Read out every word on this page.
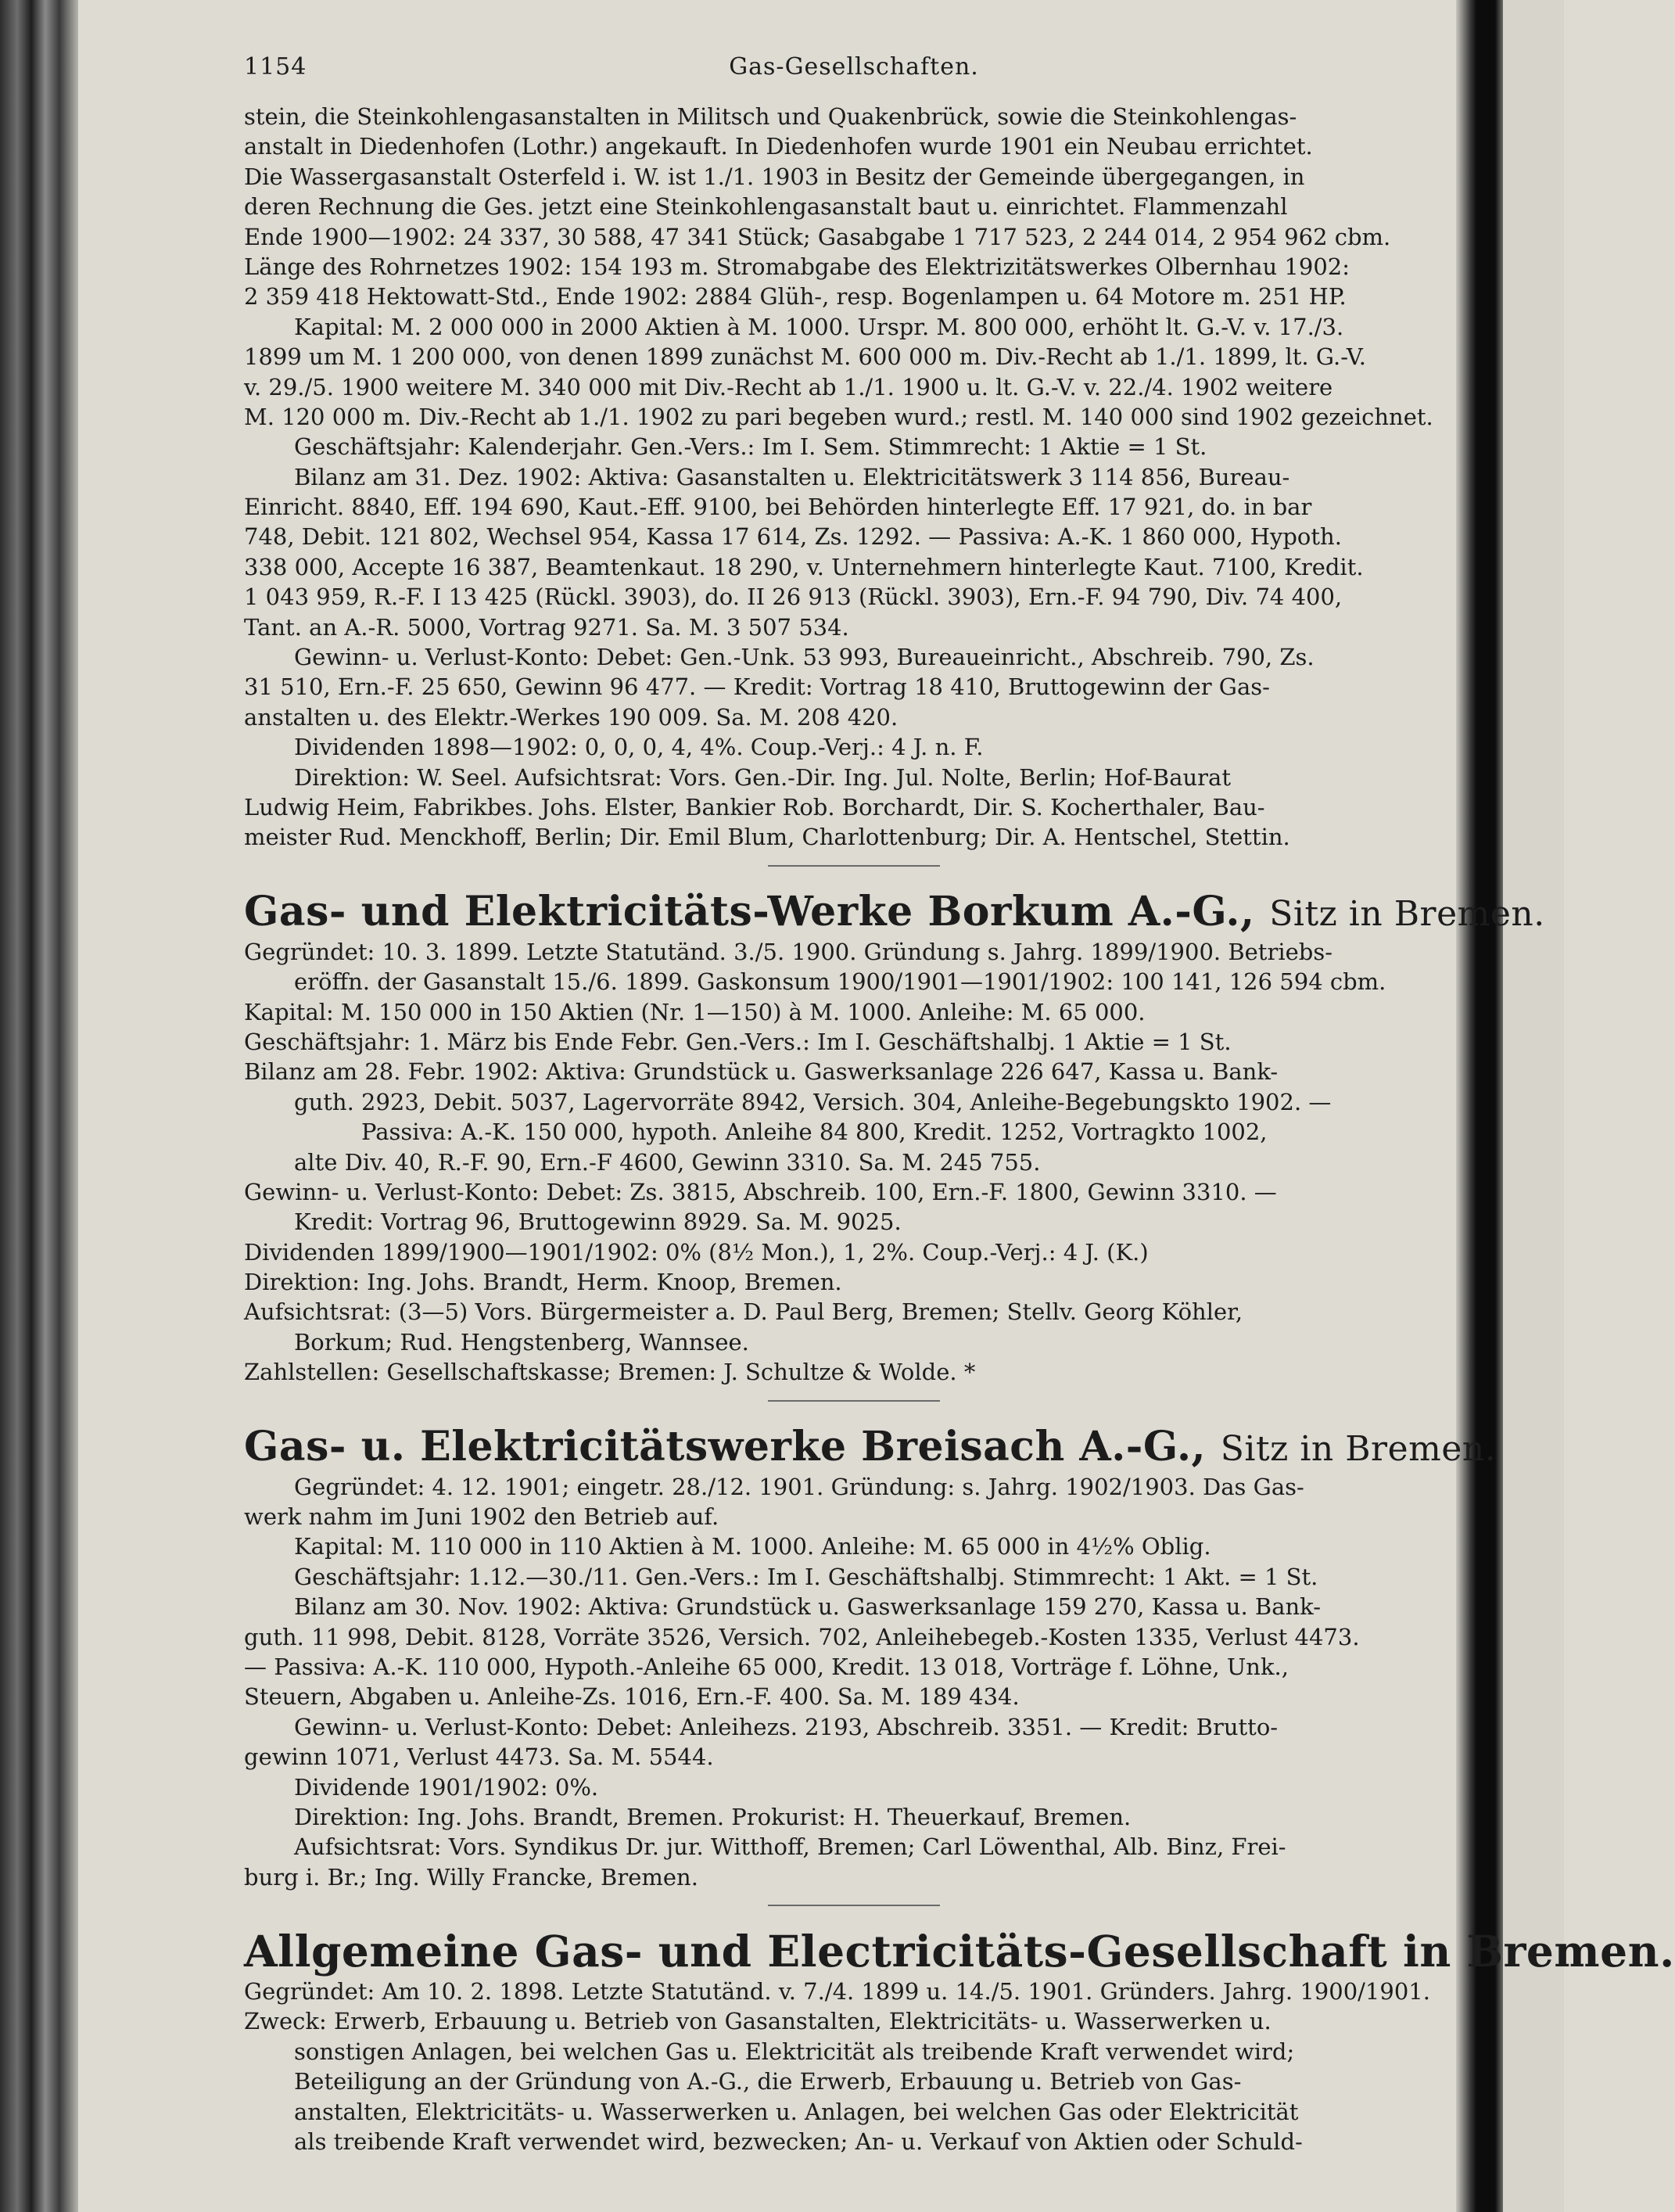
1154	Gas-Gesellschaften.
stein, die Steinkohlengasanstalten in Militsch und Quakenbrück, sowie die Steinkohlengas-
anstalt in Diedenhofen (Lothr.) angekauft. In Diedenhofen wurde 1901 ein Neubau errichtet.
Die Wassergasanstalt Osterfeld i. W. ist 1./1. 1903 in Besitz der Gemeinde übergegangen, in
deren Rechnung die Ges. jetzt eine Steinkohlengasanstalt baut u. einrichtet. Flammenzahl
Ende 1900—1902: 24 337, 30 588, 47 341 Stück; Gasabgabe 1 717 523, 2 244 014, 2 954 962 cbm.
Länge des Rohrnetzes 1902: 154 193 m. Stromabgabe des Elektrizitätswerkes Olbernhau 1902:
2 359 418 Hektowatt-Std., Ende 1902: 2884 Glüh-, resp. Bogenlampen u. 64 Motore m. 251 HP.
Kapital: M. 2 000 000 in 2000 Aktien à M. 1000. Urspr. M. 800 000, erhöht lt. G.-V. v. 17./3.
1899 um M. 1 200 000, von denen 1899 zunächst M. 600 000 m. Div.-Recht ab 1./1. 1899, lt. G.-V.
v. 29./5. 1900 weitere M. 340 000 mit Div.-Recht ab 1./1. 1900 u. lt. G.-V. v. 22./4. 1902 weitere
M. 120 000 m. Div.-Recht ab 1./1. 1902 zu pari begeben wurd.; restl. M. 140 000 sind 1902 gezeichnet.
Geschäftsjahr: Kalenderjahr. Gen.-Vers.: Im I. Sem. Stimmrecht: 1 Aktie = 1 St.
Bilanz am 31. Dez. 1902: Aktiva: Gasanstalten u. Elektricitätswerk 3 114 856, Bureau-
Einricht. 8840, Eff. 194 690, Kaut.-Eff. 9100, bei Behörden hinterlegte Eff. 17 921, do. in bar
748, Debit. 121 802, Wechsel 954, Kassa 17 614, Zs. 1292. — Passiva: A.-K. 1 860 000, Hypoth.
338 000, Accepte 16 387, Beamtenkaut. 18 290, v. Unternehmern hinterlegte Kaut. 7100, Kredit.
1 043 959, R.-F. I 13 425 (Rückl. 3903), do. II 26 913 (Rückl. 3903), Ern.-F. 94 790, Div. 74 400,
Tant. an A.-R. 5000, Vortrag 9271. Sa. M. 3 507 534.
Gewinn- u. Verlust-Konto: Debet: Gen.-Unk. 53 993, Bureaueinricht., Abschreib. 790, Zs.
31 510, Ern.-F. 25 650, Gewinn 96 477. — Kredit: Vortrag 18 410, Bruttogewinn der Gas-
anstalten u. des Elektr.-Werkes 190 009. Sa. M. 208 420.
Dividenden 1898—1902: 0, 0, 0, 4, 4%. Coup.-Verj.: 4 J. n. F.
Direktion: W. Seel. Aufsichtsrat: Vors. Gen.-Dir. Ing. Jul. Nolte, Berlin; Hof-Baurat
Ludwig Heim, Fabrikbes. Johs. Elster, Bankier Rob. Borchardt, Dir. S. Kocherthaler, Bau-
meister Rud. Menckhoff, Berlin; Dir. Emil Blum, Charlottenburg; Dir. A. Hentschel, Stettin.
Gas- und Elektricitäts-Werke Borkum A.-G., Sitz in Bremen.
Gegründet: 10. 3. 1899. Letzte Statutänd. 3./5. 1900. Gründung s. Jahrg. 1899/1900. Betriebs-
eröffn. der Gasanstalt 15./6. 1899. Gaskonsum 1900/1901—1901/1902: 100 141, 126 594 cbm.
Kapital: M. 150 000 in 150 Aktien (Nr. 1—150) à M. 1000. Anleihe: M. 65 000.
Geschäftsjahr: 1. März bis Ende Febr. Gen.-Vers.: Im I. Geschäftshalbj. 1 Aktie = 1 St.
Bilanz am 28. Febr. 1902: Aktiva: Grundstück u. Gaswerksanlage 226 647, Kassa u. Bank-
guth. 2923, Debit. 5037, Lagervorräte 8942, Versich. 304, Anleihe-Begebungskto 1902. —
Passiva: A.-K. 150 000, hypoth. Anleihe 84 800, Kredit. 1252, Vortragkto 1002,
alte Div. 40, R.-F. 90, Ern.-F 4600, Gewinn 3310. Sa. M. 245 755.
Gewinn- u. Verlust-Konto: Debet: Zs. 3815, Abschreib. 100, Ern.-F. 1800, Gewinn 3310. —
Kredit: Vortrag 96, Bruttogewinn 8929. Sa. M. 9025.
Dividenden 1899/1900—1901/1902: 0% (8½ Mon.), 1, 2%. Coup.-Verj.: 4 J. (K.)
Direktion: Ing. Johs. Brandt, Herm. Knoop, Bremen.
Aufsichtsrat: (3—5) Vors. Bürgermeister a. D. Paul Berg, Bremen; Stellv. Georg Köhler,
Borkum; Rud. Hengstenberg, Wannsee.
Zahlstellen: Gesellschaftskasse; Bremen: J. Schultze & Wolde. *
Gas- u. Elektricitätswerke Breisach A.-G., Sitz in Bremen.
Gegründet: 4. 12. 1901; eingetr. 28./12. 1901. Gründung: s. Jahrg. 1902/1903. Das Gas-
werk nahm im Juni 1902 den Betrieb auf.
Kapital: M. 110 000 in 110 Aktien à M. 1000. Anleihe: M. 65 000 in 4½% Oblig.
Geschäftsjahr: 1.12.—30./11. Gen.-Vers.: Im I. Geschäftshalbj. Stimmrecht: 1 Akt. = 1 St.
Bilanz am 30. Nov. 1902: Aktiva: Grundstück u. Gaswerksanlage 159 270, Kassa u. Bank-
guth. 11 998, Debit. 8128, Vorräte 3526, Versich. 702, Anleihebegeb.-Kosten 1335, Verlust 4473.
— Passiva: A.-K. 110 000, Hypoth.-Anleihe 65 000, Kredit. 13 018, Vorträge f. Löhne, Unk.,
Steuern, Abgaben u. Anleihe-Zs. 1016, Ern.-F. 400. Sa. M. 189 434.
Gewinn- u. Verlust-Konto: Debet: Anleihezs. 2193, Abschreib. 3351. — Kredit: Brutto-
gewinn 1071, Verlust 4473. Sa. M. 5544.
Dividende 1901/1902: 0%.
Direktion: Ing. Johs. Brandt, Bremen. Prokurist: H. Theuerkauf, Bremen.
Aufsichtsrat: Vors. Syndikus Dr. jur. Witthoff, Bremen; Carl Löwenthal, Alb. Binz, Frei-
burg i. Br.; Ing. Willy Francke, Bremen.
Allgemeine Gas- und Electricitäts-Gesellschaft in Bremen.
Gegründet: Am 10. 2. 1898. Letzte Statutänd. v. 7./4. 1899 u. 14./5. 1901. Gründers. Jahrg. 1900/1901.
Zweck: Erwerb, Erbauung u. Betrieb von Gasanstalten, Elektricitäts- u. Wasserwerken u.
sonstigen Anlagen, bei welchen Gas u. Elektricität als treibende Kraft verwendet wird;
Beteiligung an der Gründung von A.-G., die Erwerb, Erbauung u. Betrieb von Gas-
anstalten, Elektricitäts- u. Wasserwerken u. Anlagen, bei welchen Gas oder Elektricität
als treibende Kraft verwendet wird, bezwecken; An- u. Verkauf von Aktien oder Schuld-
